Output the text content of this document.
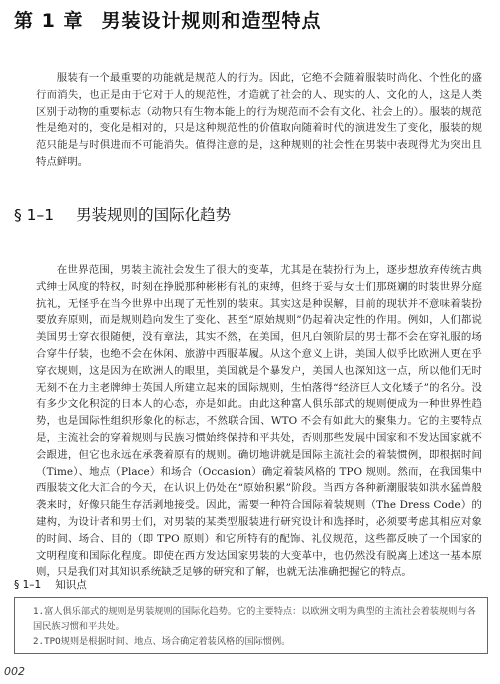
第 1 章 男装设计规则和造型特点

服装有一个最重要的功能就是规范人的行为。因此，它绝不会随着服装时尚化、个性化的盛行而消失，也正是由于它对于人的规范性，才造就了社会的人、现实的人、文化的人，这是人类区别于动物的重要标志（动物只有生物本能上的行为规范而不会有文化、社会上的）。服装的规范性是绝对的，变化是相对的，只是这种规范性的价值取向随着时代的演进发生了变化，服装的规范只能是与时俱进而不可能消失。值得注意的是，这种规则的社会性在男装中表现得尤为突出且特点鲜明。

§ 1–1 男装规则的国际化趋势

在世界范围，男装主流社会发生了很大的变革，尤其是在装扮行为上，逐步想放弃传统古典式绅士风度的特权，时刻在挣脱那种彬彬有礼的束缚，但终于妥与女士们那斑斓的时装世界分庭抗礼，无怪乎在当今世界中出现了无性别的装束。其实这是种误解，目前的现状并不意味着装扮要放弃原则，而是规则趋向发生了变化、甚至“原始规则”仍起着决定性的作用。例如，人们都说美国男士穿衣很随便，没有章法，其实不然，在美国，但凡白领阶层的男士都不会在穿礼服的场合穿牛仔装，也绝不会在休闲、旅游中西服革履。从这个意义上讲，美国人似乎比欧洲人更在乎穿衣规则，这是因为在欧洲人的眼里，美国就是个暴发户，美国人也深知这一点，所以他们无时无刻不在力主老牌绅士英国人所建立起来的国际规则，生怕落得“经济巨人文化矮子”的名分。没有多少文化积淀的日本人的心态，亦是如此。由此这种富人俱乐部式的规则便成为一种世界性趋势，也是国际性组织形象化的标志，不然联合国、WTO 不会有如此大的聚集力。它的主要特点是，主流社会的穿着规则与民族习惯始终保持和平共处，否则那些发展中国家和不发达国家就不会跟进，但它也永远在承袭着原有的规则。确切地讲就是国际主流社会的着装惯例，即根据时间（Time）、地点（Place）和场合（Occasion）确定着装风格的 TPO 规则。然而，在我国集中西服装文化大汇合的今天，在认识上仍处在“原始积累”阶段。当西方各种新潮服装如洪水猛兽般袭来时，好像只能生存活剥地接受。因此，需要一种符合国际着装规则（The Dress Code）的建构，为设计者和男士们，对男装的某类型服装进行研究设计和选择时，必须要考虑其相应对象的时间、场合、目的（即 TPO 原则）和它所特有的配饰、礼仪规范，这些都反映了一个国家的文明程度和国际化程度。即使在西方发达国家男装的大变革中，也仍然没有脱离上述这一基本原则，只是我们对其知识系统缺乏足够的研究和了解，也就无法准确把握它的特点。

§ 1–1 知识点

1.富人俱乐部式的规则是男装规则的国际化趋势。它的主要特点：以欧洲文明为典型的主流社会着装规则与各国民族习惯和平共处。

2.TPO规则是根据时间、地点、场合确定着装风格的国际惯例。

002
